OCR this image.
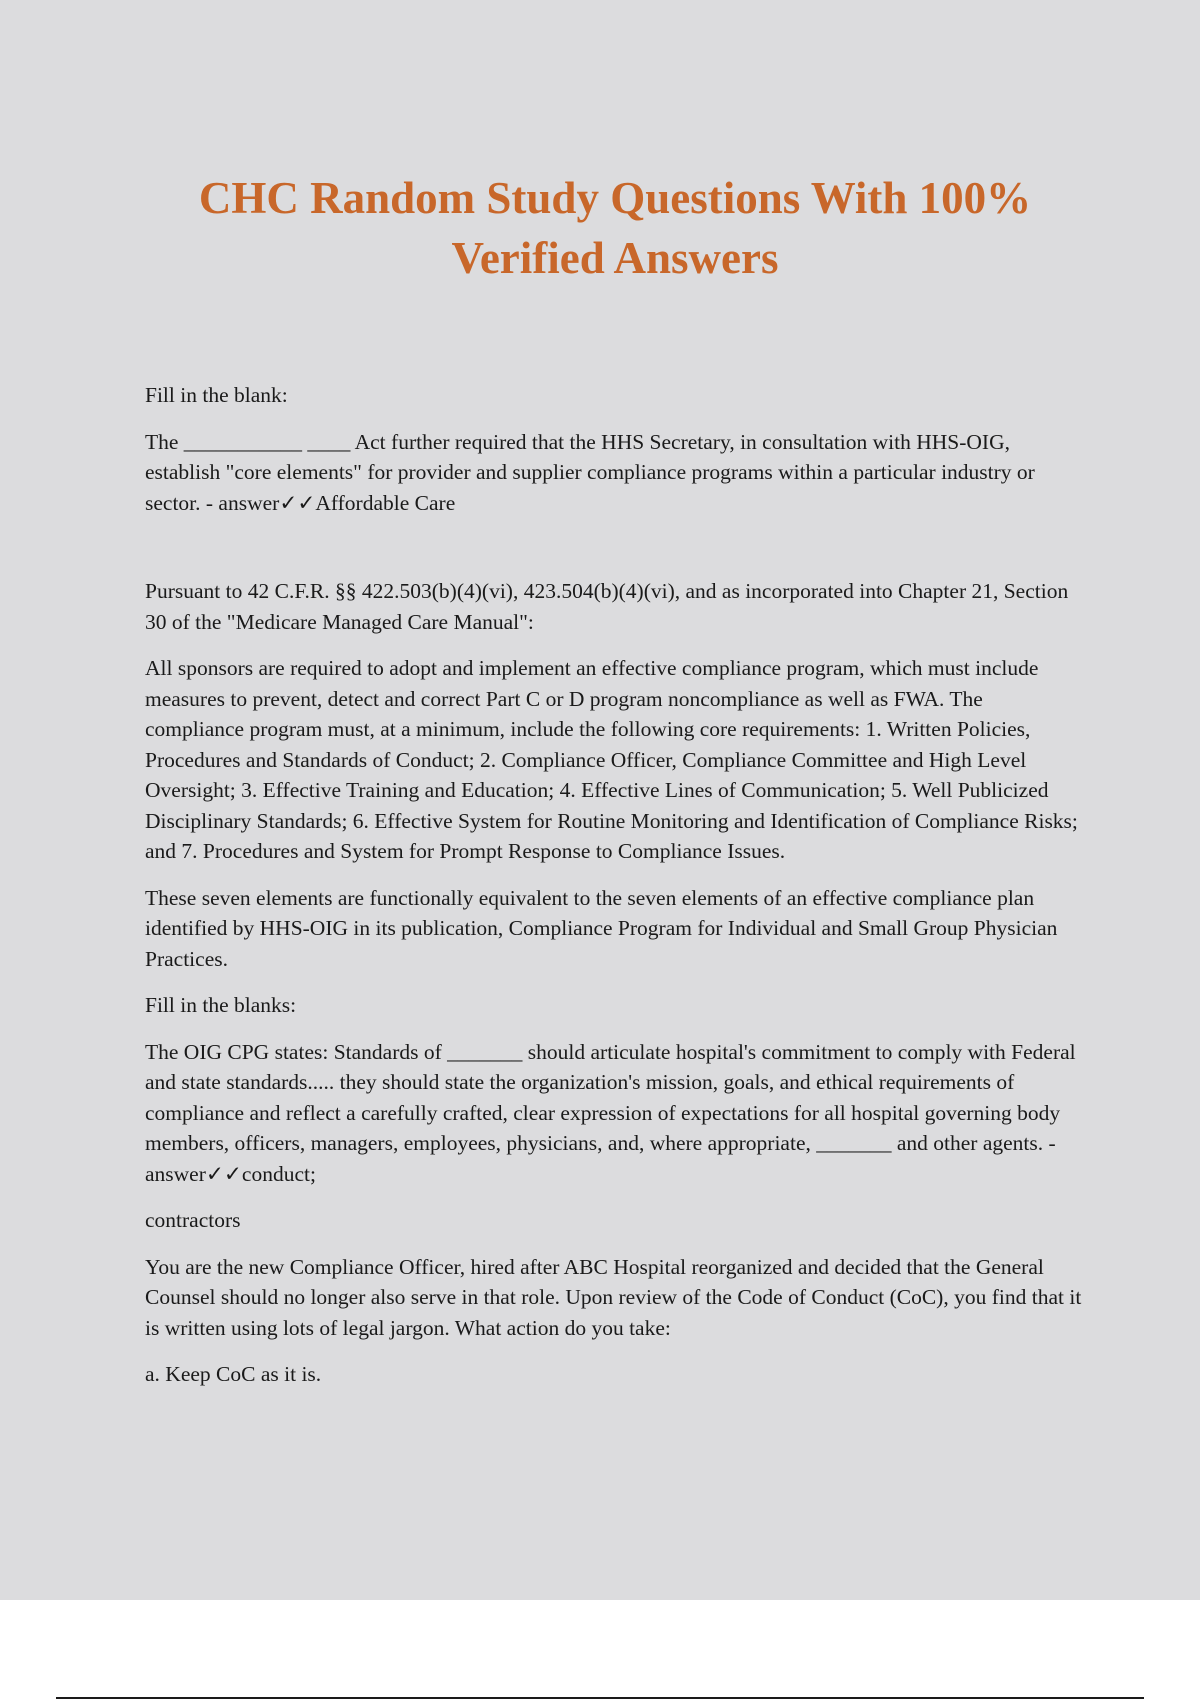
CHC Random Study Questions With 100% Verified Answers

Fill in the blank:

The ___________ ____ Act further required that the HHS Secretary, in consultation with HHS-OIG, establish "core elements" for provider and supplier compliance programs within a particular industry or sector. - answer✓✓Affordable Care

Pursuant to 42 C.F.R. §§ 422.503(b)(4)(vi), 423.504(b)(4)(vi), and as incorporated into Chapter 21, Section 30 of the "Medicare Managed Care Manual":

All sponsors are required to adopt and implement an effective compliance program, which must include measures to prevent, detect and correct Part C or D program noncompliance as well as FWA. The compliance program must, at a minimum, include the following core requirements: 1. Written Policies, Procedures and Standards of Conduct; 2. Compliance Officer, Compliance Committee and High Level Oversight; 3. Effective Training and Education; 4. Effective Lines of Communication; 5. Well Publicized Disciplinary Standards; 6. Effective System for Routine Monitoring and Identification of Compliance Risks; and 7. Procedures and System for Prompt Response to Compliance Issues.

These seven elements are functionally equivalent to the seven elements of an effective compliance plan identified by HHS-OIG in its publication, Compliance Program for Individual and Small Group Physician Practices.

Fill in the blanks:

The OIG CPG states: Standards of _______ should articulate hospital's commitment to comply with Federal and state standards..... they should state the organization's mission, goals, and ethical requirements of compliance and reflect a carefully crafted, clear expression of expectations for all hospital governing body members, officers, managers, employees, physicians, and, where appropriate, _______ and other agents. - answer✓✓conduct;

contractors

You are the new Compliance Officer, hired after ABC Hospital reorganized and decided that the General Counsel should no longer also serve in that role. Upon review of the Code of Conduct (CoC), you find that it is written using lots of legal jargon. What action do you take:

a. Keep CoC as it is.
